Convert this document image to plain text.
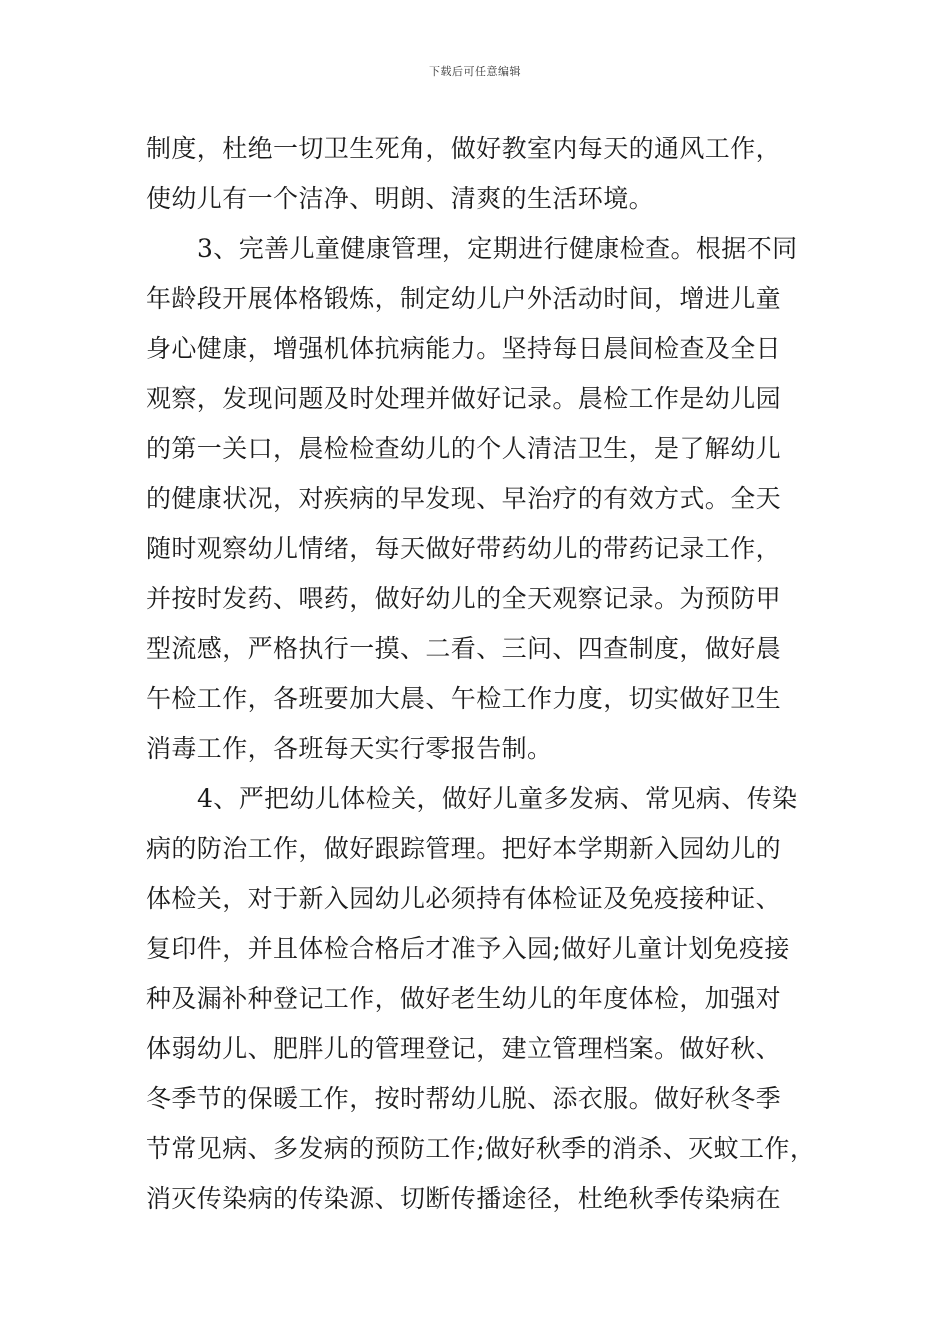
下载后可任意编辑
制度，杜绝一切卫生死角，做好教室内每天的通风工作，
使幼儿有一个洁净、明朗、清爽的生活环境。
3、完善儿童健康管理，定期进行健康检查。根据不同
年龄段开展体格锻炼，制定幼儿户外活动时间，增进儿童
身心健康，增强机体抗病能力。坚持每日晨间检查及全日
观察，发现问题及时处理并做好记录。晨检工作是幼儿园
的第一关口，晨检检查幼儿的个人清洁卫生，是了解幼儿
的健康状况，对疾病的早发现、早治疗的有效方式。全天
随时观察幼儿情绪，每天做好带药幼儿的带药记录工作，
并按时发药、喂药，做好幼儿的全天观察记录。为预防甲
型流感，严格执行一摸、二看、三问、四查制度，做好晨
午检工作，各班要加大晨、午检工作力度，切实做好卫生
消毒工作，各班每天实行零报告制。
4、严把幼儿体检关，做好儿童多发病、常见病、传染
病的防治工作，做好跟踪管理。把好本学期新入园幼儿的
体检关，对于新入园幼儿必须持有体检证及免疫接种证、
复印件，并且体检合格后才准予入园;做好儿童计划免疫接
种及漏补种登记工作，做好老生幼儿的年度体检，加强对
体弱幼儿、肥胖儿的管理登记，建立管理档案。做好秋、
冬季节的保暖工作，按时帮幼儿脱、添衣服。做好秋冬季
节常见病、多发病的预防工作;做好秋季的消杀、灭蚊工作，
消灭传染病的传染源、切断传播途径，杜绝秋季传染病在
